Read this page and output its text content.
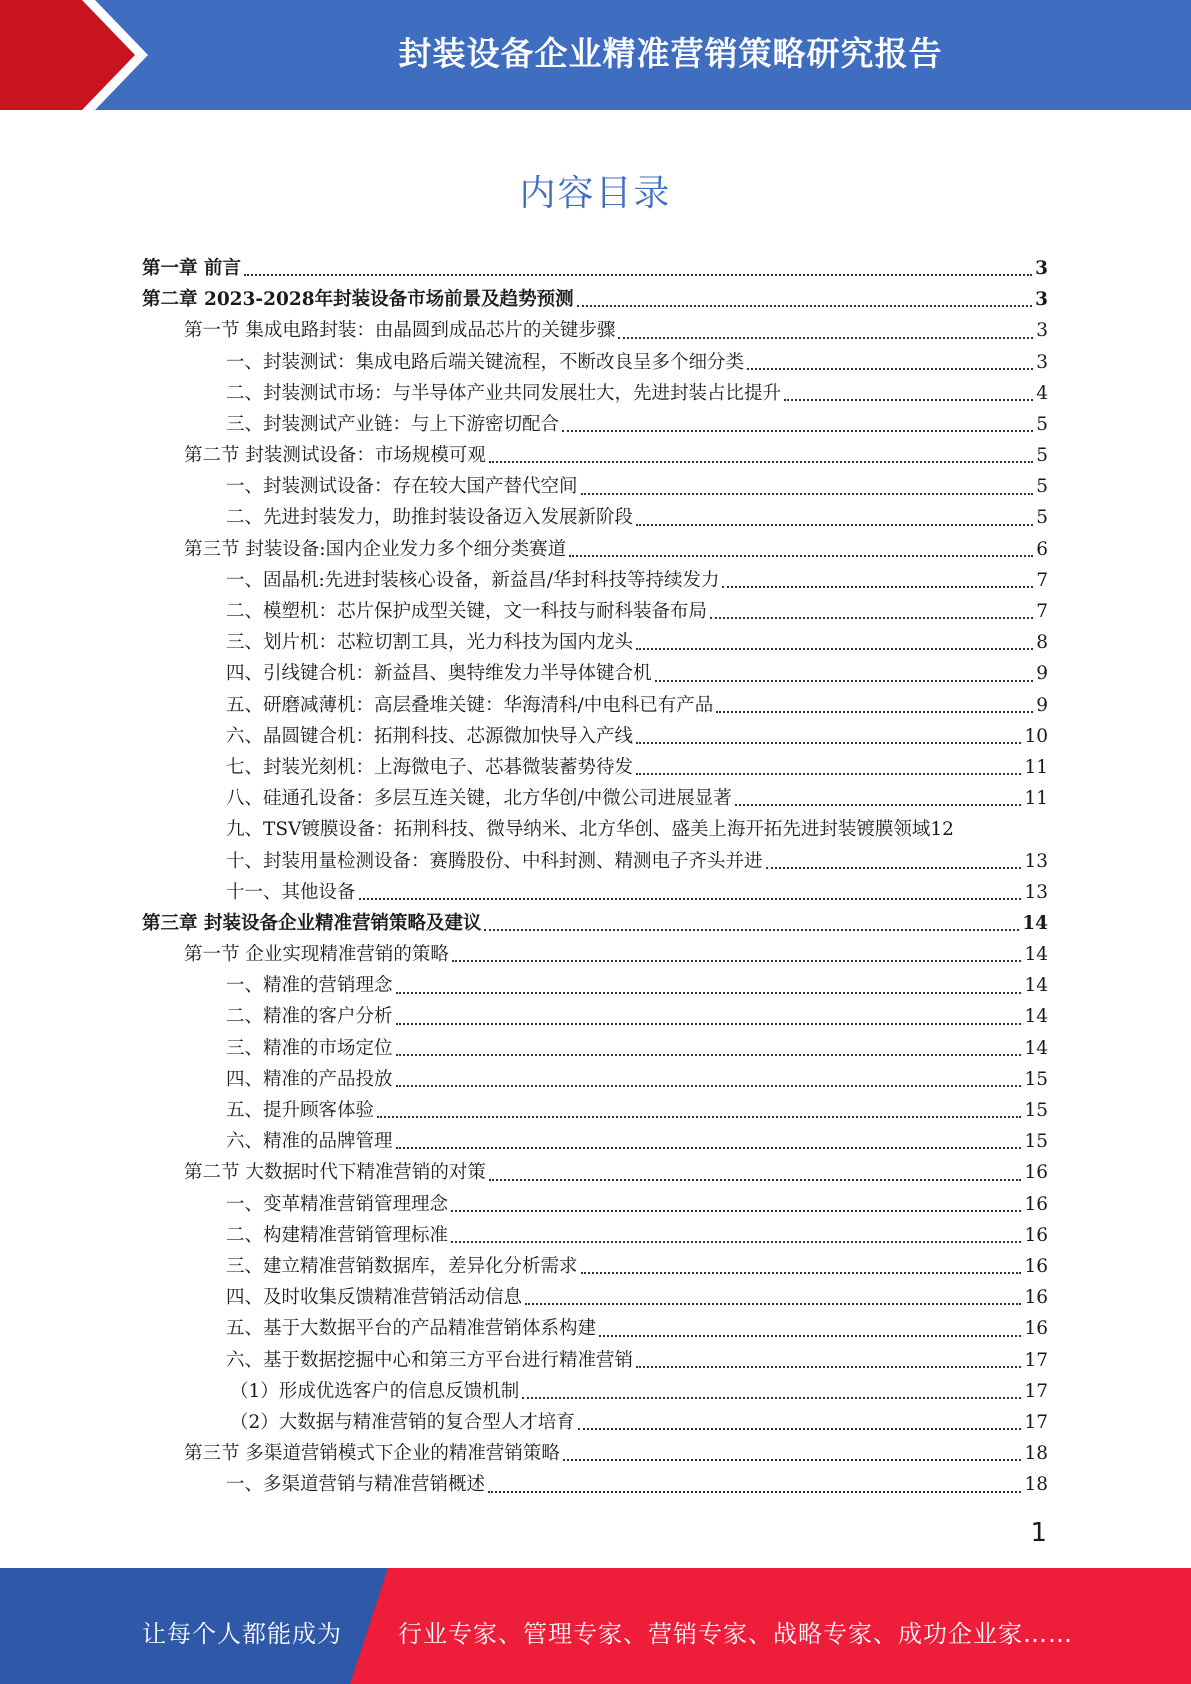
封装设备企业精准营销策略研究报告
内容目录
第一章 前言	3
第二章 2023-2028年封装设备市场前景及趋势预测	3
第一节 集成电路封装：由晶圆到成品芯片的关键步骤	3
一、封装测试：集成电路后端关键流程，不断改良呈多个细分类	3
二、封装测试市场：与半导体产业共同发展壮大，先进封装占比提升	4
三、封装测试产业链：与上下游密切配合	5
第二节 封装测试设备：市场规模可观	5
一、封装测试设备：存在较大国产替代空间	5
二、先进封装发力，助推封装设备迈入发展新阶段	5
第三节 封装设备:国内企业发力多个细分类赛道	6
一、固晶机:先进封装核心设备，新益昌/华封科技等持续发力	7
二、模塑机：芯片保护成型关键，文一科技与耐科装备布局	7
三、划片机：芯粒切割工具，光力科技为国内龙头	8
四、引线键合机：新益昌、奥特维发力半导体键合机	9
五、研磨减薄机：高层叠堆关键：华海清科/中电科已有产品	9
六、晶圆键合机：拓荆科技、芯源微加快导入产线	10
七、封装光刻机：上海微电子、芯碁微装蓄势待发	11
八、硅通孔设备：多层互连关键，北方华创/中微公司进展显著	11
九、TSV镀膜设备：拓荆科技、微导纳米、北方华创、盛美上海开拓先进封装镀膜领域 12
十、封装用量检测设备：赛腾股份、中科封测、精测电子齐头并进	13
十一、其他设备	13
第三章 封装设备企业精准营销策略及建议	14
第一节 企业实现精准营销的策略	14
一、精准的营销理念	14
二、精准的客户分析	14
三、精准的市场定位	14
四、精准的产品投放	15
五、提升顾客体验	15
六、精准的品牌管理	15
第二节 大数据时代下精准营销的对策	16
一、变革精准营销管理理念	16
二、构建精准营销管理标准	16
三、建立精准营销数据库，差异化分析需求	16
四、及时收集反馈精准营销活动信息	16
五、基于大数据平台的产品精准营销体系构建	16
六、基于数据挖掘中心和第三方平台进行精准营销	17
（1）形成优选客户的信息反馈机制	17
（2）大数据与精准营销的复合型人才培育	17
第三节 多渠道营销模式下企业的精准营销策略	18
一、多渠道营销与精准营销概述	18
1
让每个人都能成为 行业专家、管理专家、营销专家、战略专家、成功企业家……
